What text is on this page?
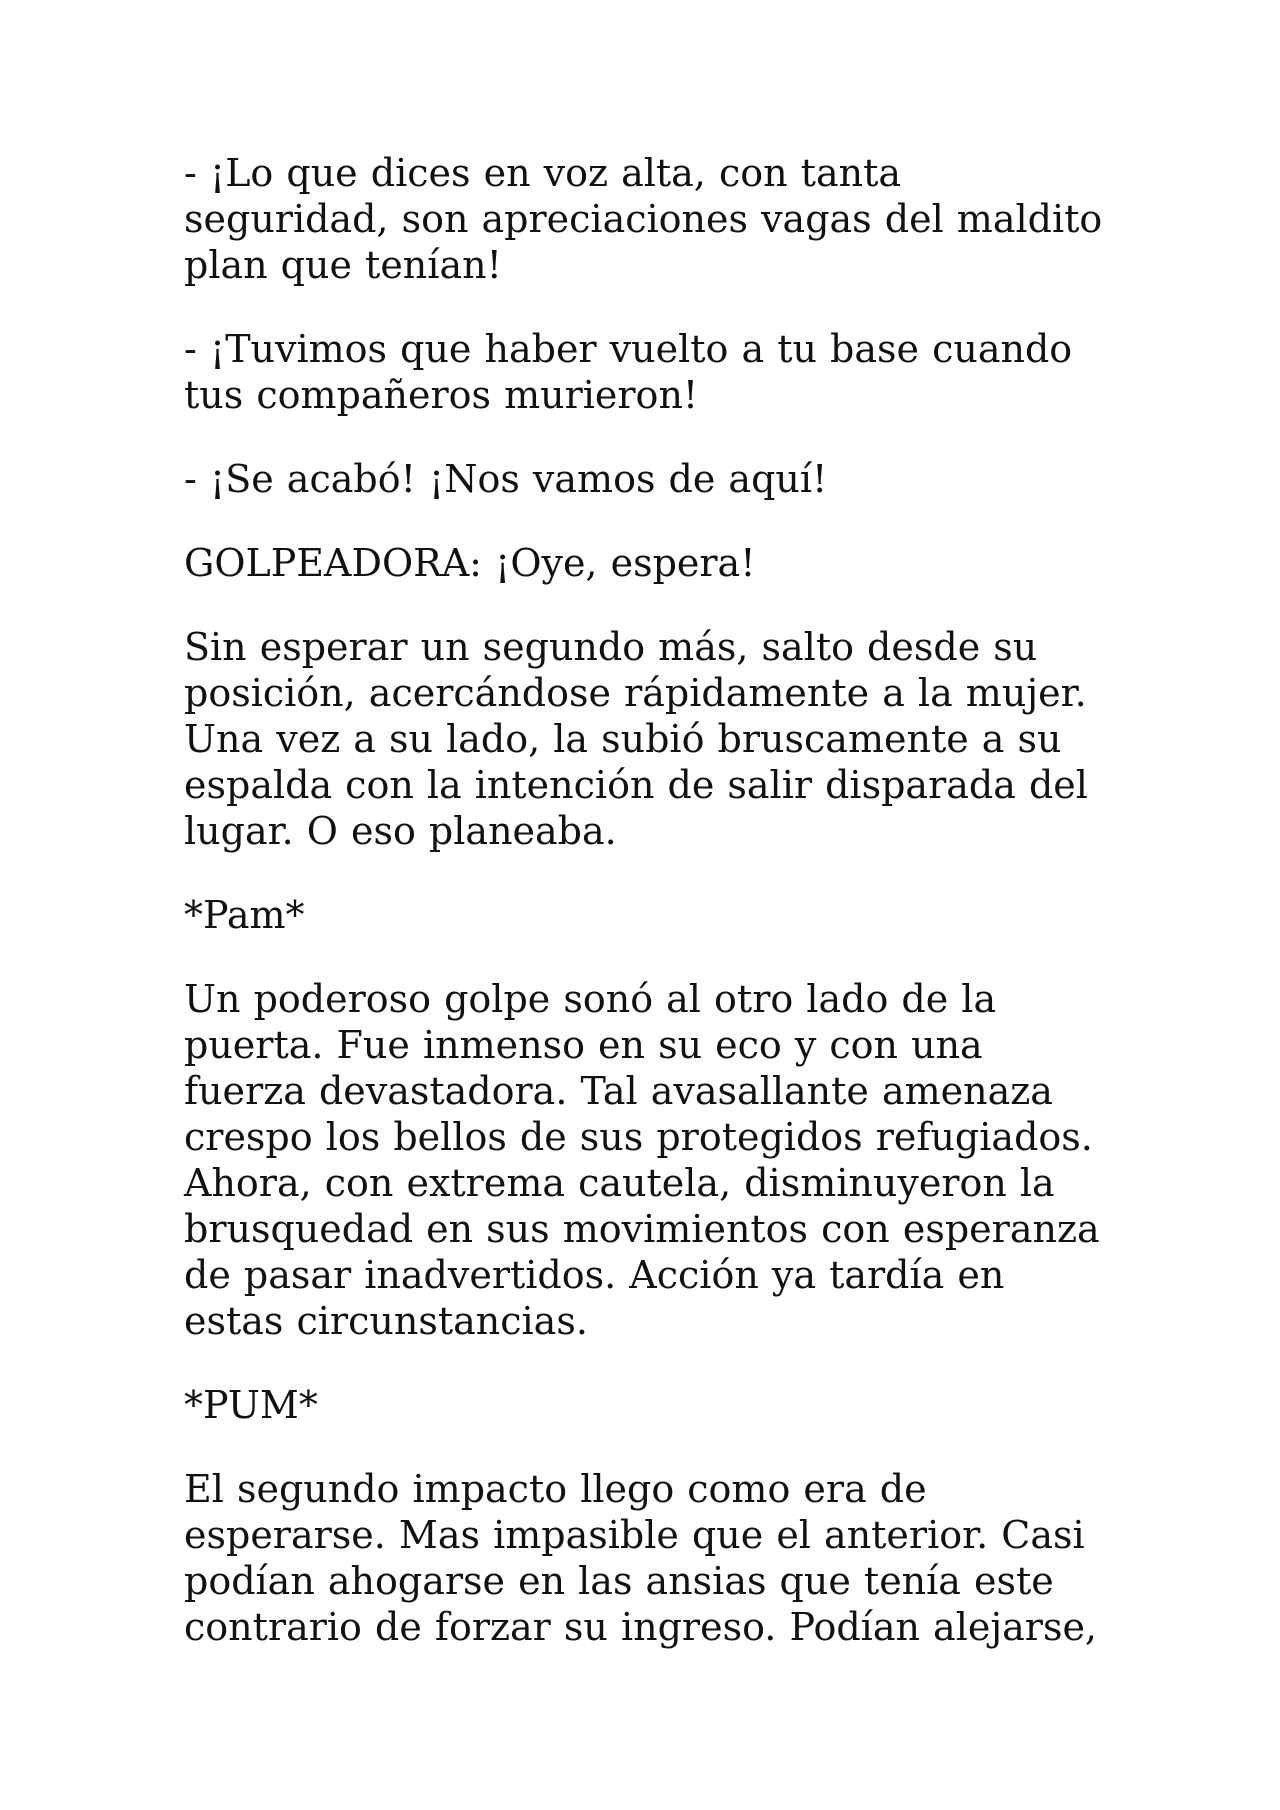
- ¡Lo que dices en voz alta, con tanta seguridad, son apreciaciones vagas del maldito plan que tenían!

- ¡Tuvimos que haber vuelto a tu base cuando tus compañeros murieron!

- ¡Se acabó! ¡Nos vamos de aquí!

GOLPEADORA: ¡Oye, espera!

Sin esperar un segundo más, salto desde su posición, acercándose rápidamente a la mujer. Una vez a su lado, la subió bruscamente a su espalda con la intención de salir disparada del lugar. O eso planeaba.

*Pam*

Un poderoso golpe sonó al otro lado de la puerta. Fue inmenso en su eco y con una fuerza devastadora. Tal avasallante amenaza crespo los bellos de sus protegidos refugiados. Ahora, con extrema cautela, disminuyeron la brusquedad en sus movimientos con esperanza de pasar inadvertidos. Acción ya tardía en estas circunstancias.

*PUM*

El segundo impacto llego como era de esperarse. Mas impasible que el anterior. Casi podían ahogarse en las ansias que tenía este contrario de forzar su ingreso. Podían alejarse,
